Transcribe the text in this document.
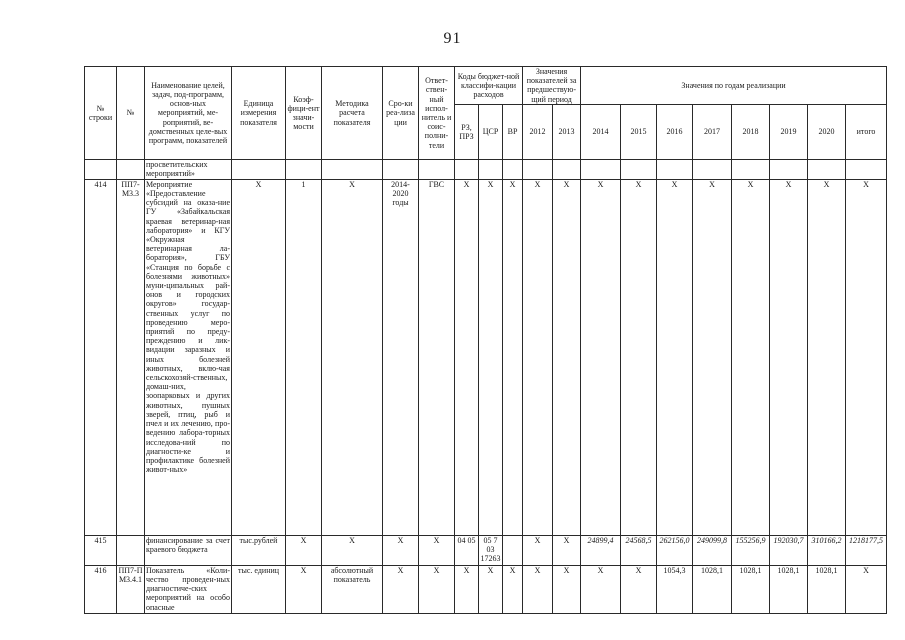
91
№ строки	№	Наименование целей, задач, под-программ, основ-ных мероприятий, ме-роприятий, ве-домственных целе-вых программ, показателей	Единица измерения показателя	Коэф-фици-ент значи-мости	Методика расчета показателя	Сро-ки реа-лиза ции	Ответ-ствен-ный испол-нитель и соис-полни-тели	Коды бюджет-ной классифи-кации расходов			Значения показателей за предшествую-щий период		Значения по годам реализации							
								РЗ, ПРЗ	ЦСР	ВР	2012	2013	2014	2015	2016	2017	2018	2019	2020	итого
		просветительских мероприятий»																		
414	ПП7-М3.3	Мероприятие «Предоставление субсидий на оказа-ние ГУ «Забайкальская краевая ветеринар-ная лаборатория» и КГУ «Окружная ветеринарная ла-боратория», ГБУ «Станция по борьбе с болезнями животных» муни-ципальных рай-онов и городских округов» государ-ственных услуг по проведению меро-приятий по преду-преждению и лик-видации заразных и иных болезней животных, вклю-чая сельскохозяй-ственных, домаш-них, зоопарковых и других животных, пушных зверей, птиц, рыб и пчел и их лечению, про-ведению лабора-торных исследова-ний по диагности-ке и профилактике болезней живот-ных»	X	1	X	2014-2020 годы	ГВС	X	X	X	X	X	X	X	X	X	X	X	X	X
415		финансирование за счет краевого бюджета	тыс.рублей	X	X	X	X	04 05	05 7 03 17263		X	X	24899,4	24568,5	262156,0	249099,8	155256,9	192030,7	310166,2	1218177,5
416	ПП7-ПМ3.4.1	Показатель «Коли-чество проведен-ных диагностиче-ских мероприятий на особо опасные	тыс. единиц	X	абсолютный показатель	X	X	X	X	X	X	X	X	X	1054,3	1028,1	1028,1	1028,1	1028,1	X
